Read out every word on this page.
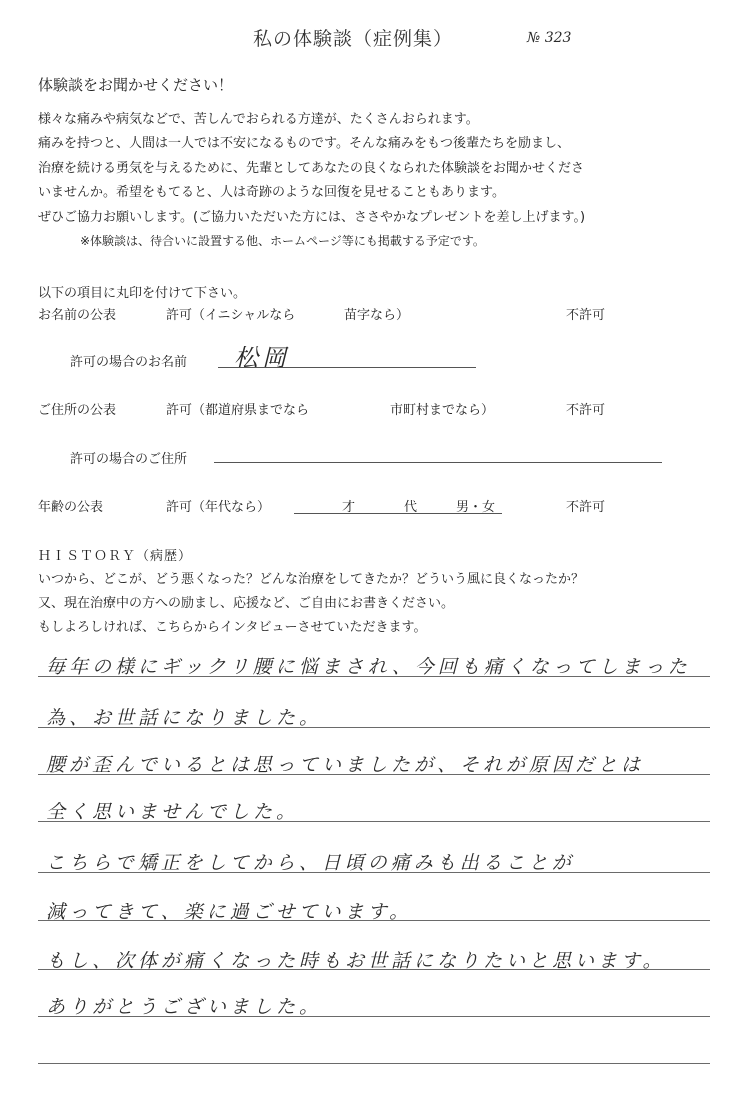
私の体験談（症例集）	№ 323
体験談をお聞かせください！
様々な痛みや病気などで、苦しんでおられる方達が、たくさんおられます。
痛みを持つと、人間は一人では不安になるものです。そんな痛みをもつ後輩たちを励まし、
治療を続ける勇気を与えるために、先輩としてあなたの良くなられた体験談をお聞かせくださ
いませんか。希望をもてると、人は奇跡のような回復を見せることもあります。
ぜひご協力お願いします。(ご協力いただいた方には、ささやかなプレゼントを差し上げます。)
※体験談は、待合いに設置する他、ホームページ等にも掲載する予定です。
以下の項目に丸印を付けて下さい。
お名前の公表	許可（イニシャルなら	苗字なら）	不許可
許可の場合のお名前 松岡
ご住所の公表	許可（都道府県までなら	市町村までなら）	不許可
許可の場合のご住所
年齢の公表	許可（年代なら）	才	代	男・女	不許可
ＨＩＳＴＯＲＹ（病歴）
いつから、どこが、どう悪くなった？どんな治療をしてきたか？どういう風に良くなったか？
又、現在治療中の方への励まし、応援など、ご自由にお書きください。
もしよろしければ、こちらからインタビューさせていただきます。
毎年の様にギックリ腰に悩まされ、今回も痛くなってしまった
為、お世話になりました。
腰が歪んでいるとは思っていましたが、それが原因だとは
全く思いませんでした。
こちらで矯正をしてから、日頃の痛みも出ることが
減ってきて、楽に過ごせています。
もし、次体が痛くなった時もお世話になりたいと思います。
ありがとうございました。
